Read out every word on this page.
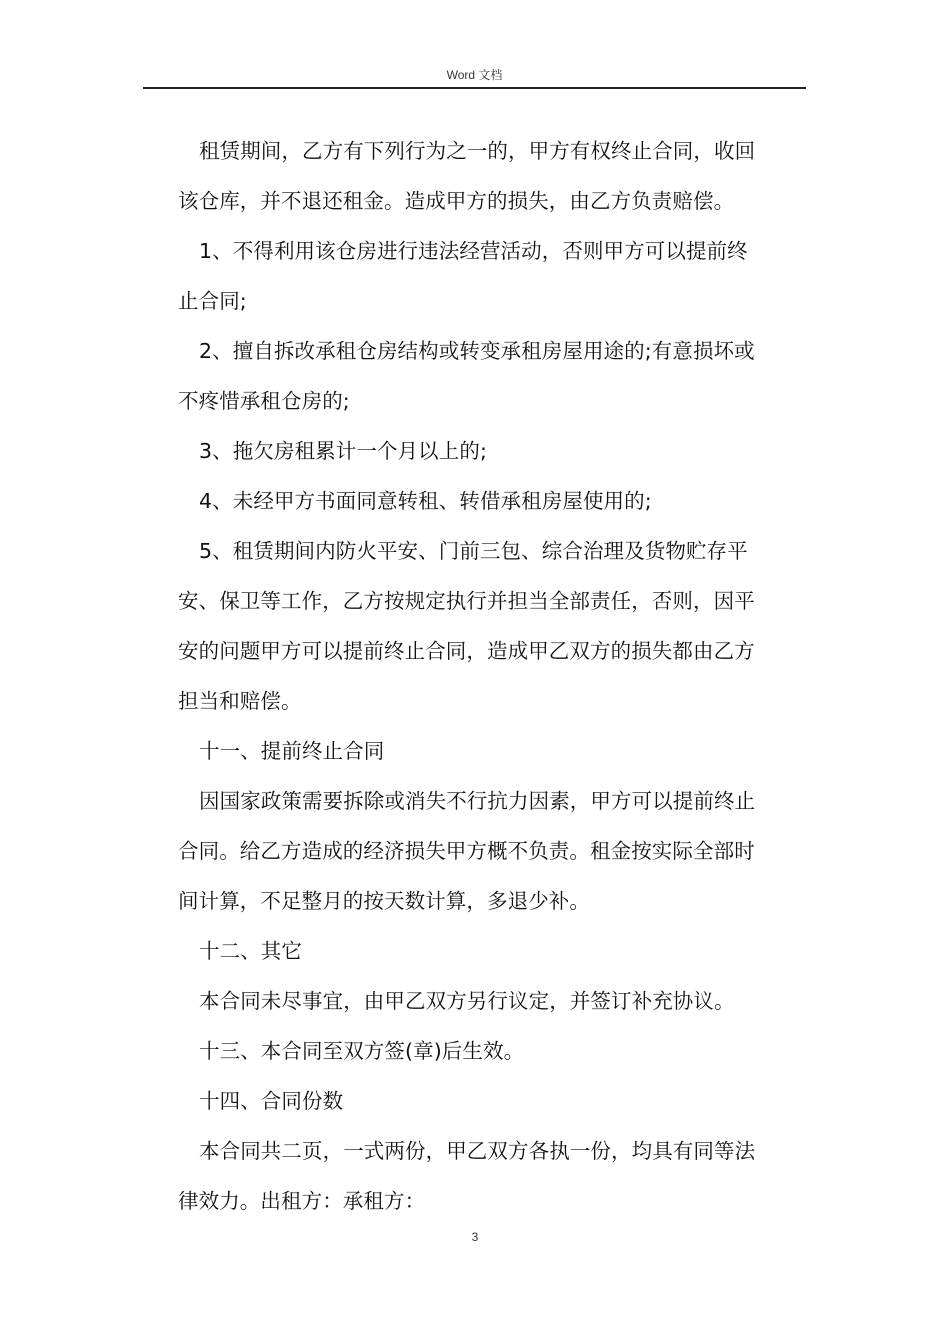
Word 文档

租赁期间，乙方有下列行为之一的，甲方有权终止合同，收回

该仓库，并不退还租金。造成甲方的损失，由乙方负责赔偿。

1、不得利用该仓房进行违法经营活动，否则甲方可以提前终

止合同;

2、擅自拆改承租仓房结构或转变承租房屋用途的;有意损坏或

不疼惜承租仓房的;

3、拖欠房租累计一个月以上的;

4、未经甲方书面同意转租、转借承租房屋使用的;

5、租赁期间内防火平安、门前三包、综合治理及货物贮存平

安、保卫等工作，乙方按规定执行并担当全部责任，否则，因平

安的问题甲方可以提前终止合同，造成甲乙双方的损失都由乙方

担当和赔偿。

十一、提前终止合同

因国家政策需要拆除或消失不行抗力因素，甲方可以提前终止

合同。给乙方造成的经济损失甲方概不负责。租金按实际全部时

间计算，不足整月的按天数计算，多退少补。

十二、其它

本合同未尽事宜，由甲乙双方另行议定，并签订补充协议。

十三、本合同至双方签(章)后生效。

十四、合同份数

本合同共二页，一式两份，甲乙双方各执一份，均具有同等法

律效力。出租方：承租方：

3
